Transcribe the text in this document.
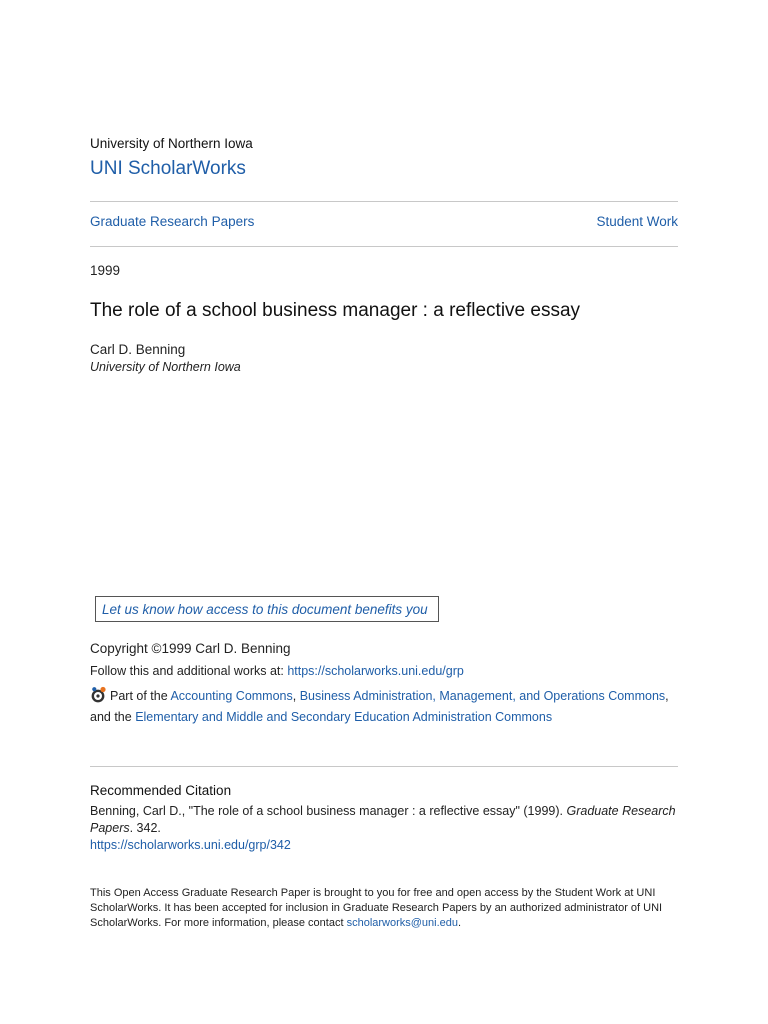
University of Northern Iowa
UNI ScholarWorks
Graduate Research Papers	Student Work
1999
The role of a school business manager : a reflective essay
Carl D. Benning
University of Northern Iowa
Let us know how access to this document benefits you
Copyright ©1999 Carl D. Benning
Follow this and additional works at: https://scholarworks.uni.edu/grp
Part of the Accounting Commons, Business Administration, Management, and Operations Commons,
and the Elementary and Middle and Secondary Education Administration Commons
Recommended Citation
Benning, Carl D., "The role of a school business manager : a reflective essay" (1999). Graduate Research Papers. 342.
https://scholarworks.uni.edu/grp/342
This Open Access Graduate Research Paper is brought to you for free and open access by the Student Work at UNI ScholarWorks. It has been accepted for inclusion in Graduate Research Papers by an authorized administrator of UNI ScholarWorks. For more information, please contact scholarworks@uni.edu.
